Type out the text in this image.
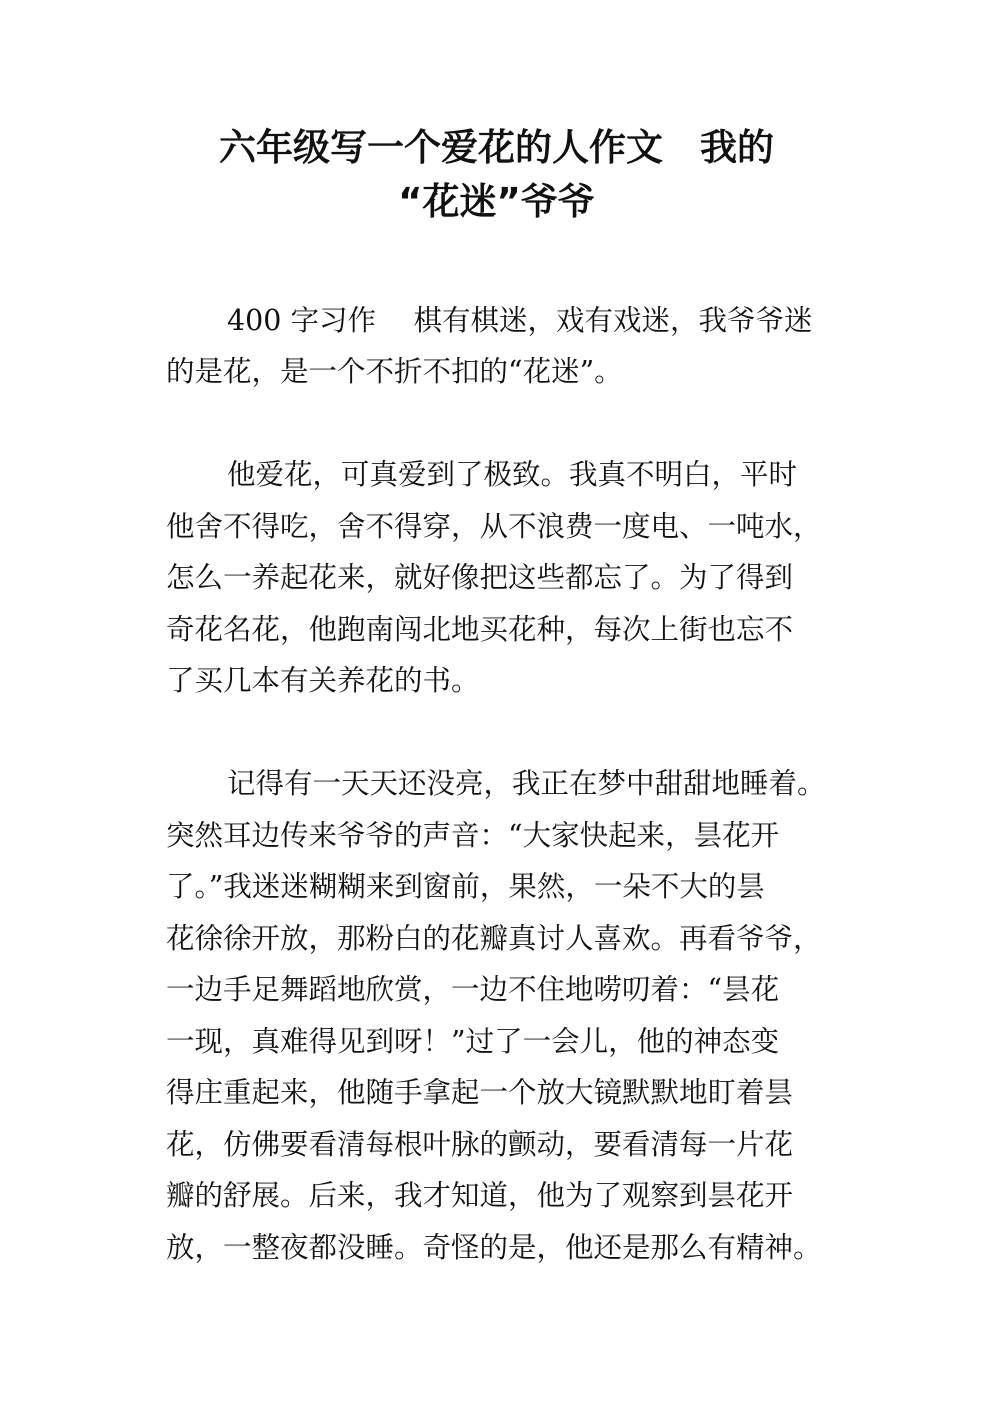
六年级写一个爱花的人作文　我的
“花迷”爷爷

400 字习作　 棋有棋迷，戏有戏迷，我爷爷迷

的是花，是一个不折不扣的“花迷”。

他爱花，可真爱到了极致。我真不明白，平时

他舍不得吃，舍不得穿，从不浪费一度电、一吨水，

怎么一养起花来，就好像把这些都忘了。为了得到

奇花名花，他跑南闯北地买花种，每次上街也忘不

了买几本有关养花的书。

记得有一天天还没亮，我正在梦中甜甜地睡着。

突然耳边传来爷爷的声音：“大家快起来，昙花开

了。”我迷迷糊糊来到窗前，果然，一朵不大的昙

花徐徐开放，那粉白的花瓣真讨人喜欢。再看爷爷，

一边手足舞蹈地欣赏，一边不住地唠叨着：“昙花

一现，真难得见到呀！”过了一会儿，他的神态变

得庄重起来，他随手拿起一个放大镜默默地盯着昙

花，仿佛要看清每根叶脉的颤动，要看清每一片花

瓣的舒展。后来，我才知道，他为了观察到昙花开

放，一整夜都没睡。奇怪的是，他还是那么有精神。
